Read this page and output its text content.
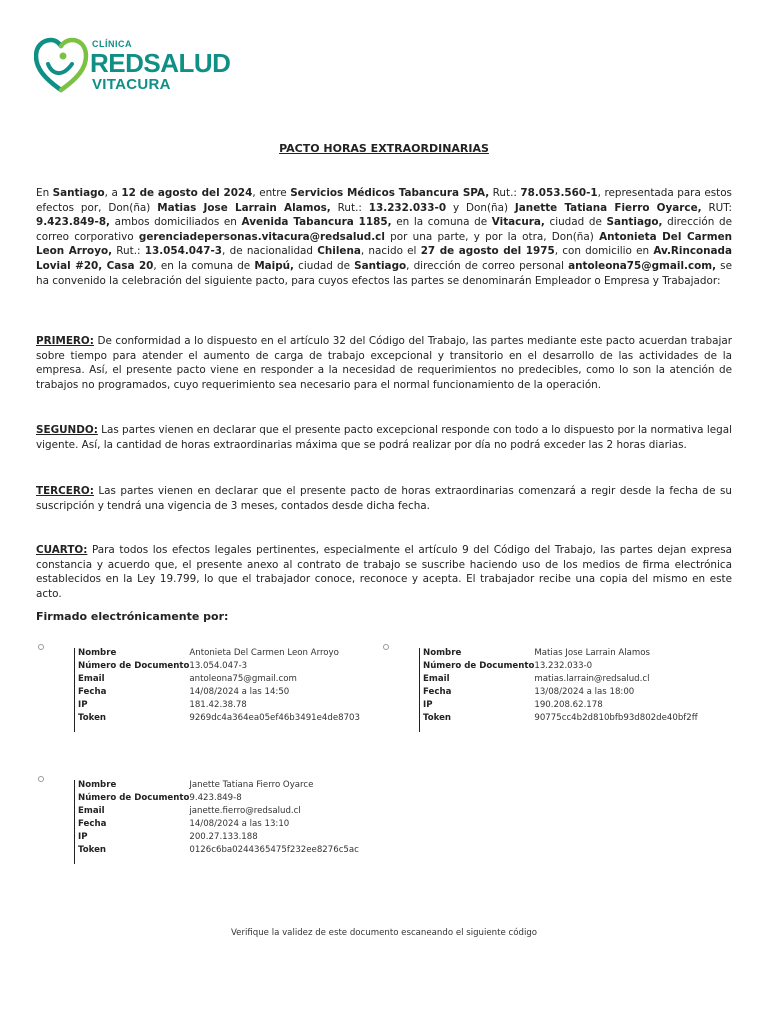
CLÍNICA
REDSALUD
VITACURA
PACTO HORAS EXTRAORDINARIAS
En Santiago, a 12 de agosto del 2024, entre Servicios Médicos Tabancura SPA, Rut.: 78.053.560-1, representada para estos efectos por, Don(ña) Matias Jose Larrain Alamos, Rut.: 13.232.033-0 y Don(ña) Janette Tatiana Fierro Oyarce, RUT: 9.423.849-8, ambos domiciliados en Avenida Tabancura 1185, en la comuna de Vitacura, ciudad de Santiago, dirección de correo corporativo gerenciadepersonas.vitacura@redsalud.cl por una parte, y por la otra, Don(ña) Antonieta Del Carmen Leon Arroyo, Rut.: 13.054.047-3, de nacionalidad Chilena, nacido el 27 de agosto del 1975, con domicilio en Av.Rinconada Lovial #20, Casa 20, en la comuna de Maipú, ciudad de Santiago, dirección de correo personal antoleona75@gmail.com, se ha convenido la celebración del siguiente pacto, para cuyos efectos las partes se denominarán Empleador o Empresa y Trabajador:
PRIMERO: De conformidad a lo dispuesto en el artículo 32 del Código del Trabajo, las partes mediante este pacto acuerdan trabajar sobre tiempo para atender el aumento de carga de trabajo excepcional y transitorio en el desarrollo de las actividades de la empresa. Así, el presente pacto viene en responder a la necesidad de requerimientos no predecibles, como lo son la atención de trabajos no programados, cuyo requerimiento sea necesario para el normal funcionamiento de la operación.
SEGUNDO: Las partes vienen en declarar que el presente pacto excepcional responde con todo a lo dispuesto por la normativa legal vigente. Así, la cantidad de horas extraordinarias máxima que se podrá realizar por día no podrá exceder las 2 horas diarias.
TERCERO: Las partes vienen en declarar que el presente pacto de horas extraordinarias comenzará a regir desde la fecha de su suscripción y tendrá una vigencia de 3 meses, contados desde dicha fecha.
CUARTO: Para todos los efectos legales pertinentes, especialmente el artículo 9 del Código del Trabajo, las partes dejan expresa constancia y acuerdo que, el presente anexo al contrato de trabajo se suscribe haciendo uso de los medios de firma electrónica establecidos en la Ley 19.799, lo que el trabajador conoce, reconoce y acepta. El trabajador recibe una copia del mismo en este acto.
Firmado electrónicamente por:
Nombre	Antonieta Del Carmen Leon Arroyo
Número de Documento	13.054.047-3
Email	antoleona75@gmail.com
Fecha	14/08/2024 a las 14:50
IP	181.42.38.78
Token	9269dc4a364ea05ef46b3491e4de8703
Nombre	Matias Jose Larrain Alamos
Número de Documento	13.232.033-0
Email	matias.larrain@redsalud.cl
Fecha	13/08/2024 a las 18:00
IP	190.208.62.178
Token	90775cc4b2d810bfb93d802de40bf2ff
Nombre	Janette Tatiana Fierro Oyarce
Número de Documento	9.423.849-8
Email	janette.fierro@redsalud.cl
Fecha	14/08/2024 a las 13:10
IP	200.27.133.188
Token	0126c6ba0244365475f232ee8276c5ac
Verifique la validez de este documento escaneando el siguiente código
